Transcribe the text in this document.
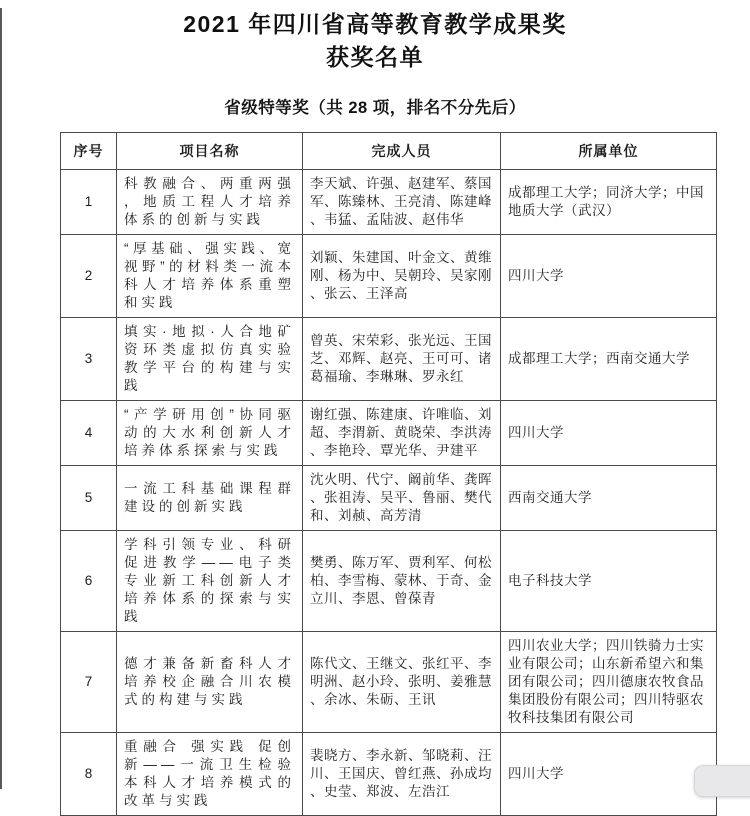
2021 年四川省高等教育教学成果奖
获奖名单
省级特等奖（共 28 项，排名不分先后）
序号	项目名称	完成人员	所属单位
1	科教融合、两重两强，地质工程人才培养体系的创新与实践	李天斌、许强、赵建军、蔡国军、陈臻林、王亮清、陈建峰、韦猛、孟陆波、赵伟华	成都理工大学；同济大学；中国地质大学（武汉）
2	“厚基础、强实践、宽视野”的材料类一流本科人才培养体系重塑和实践	刘颖、朱建国、叶金文、黄维刚、杨为中、吴朝玲、吴家刚、张云、王泽高	四川大学
3	填实·地拟·人合地矿资环类虚拟仿真实验教学平台的构建与实践	曾英、宋荣彩、张光远、王国芝、邓辉、赵亮、王可可、诸葛福瑜、李琳琳、罗永红	成都理工大学；西南交通大学
4	“产学研用创”协同驱动的大水利创新人才培养体系探索与实践	谢红强、陈建康、许唯临、刘超、李渭新、黄晓荣、李洪涛、李艳玲、覃光华、尹建平	四川大学
5	一流工科基础课程群建设的创新实践	沈火明、代宁、阚前华、龚晖、张祖涛、吴平、鲁丽、樊代和、刘赪、高芳清	西南交通大学
6	学科引领专业、科研促进教学——电子类专业新工科创新人才培养体系的探索与实践	樊勇、陈万军、贾利军、何松柏、李雪梅、蒙林、于奇、金立川、李恩、曾葆青	电子科技大学
7	德才兼备新畜科人才培养校企融合川农模式的构建与实践	陈代文、王继文、张红平、李明洲、赵小玲、张明、姜雅慧、余冰、朱砺、王讯	四川农业大学；四川铁骑力士实业有限公司；山东新希望六和集团有限公司；四川德康农牧食品集团股份有限公司；四川特驱农牧科技集团有限公司
8	重融合 强实践 促创新——一流卫生检验本科人才培养模式的改革与实践	裴晓方、李永新、邹晓莉、汪川、王国庆、曾红燕、孙成均、史莹、郑波、左浩江	四川大学
